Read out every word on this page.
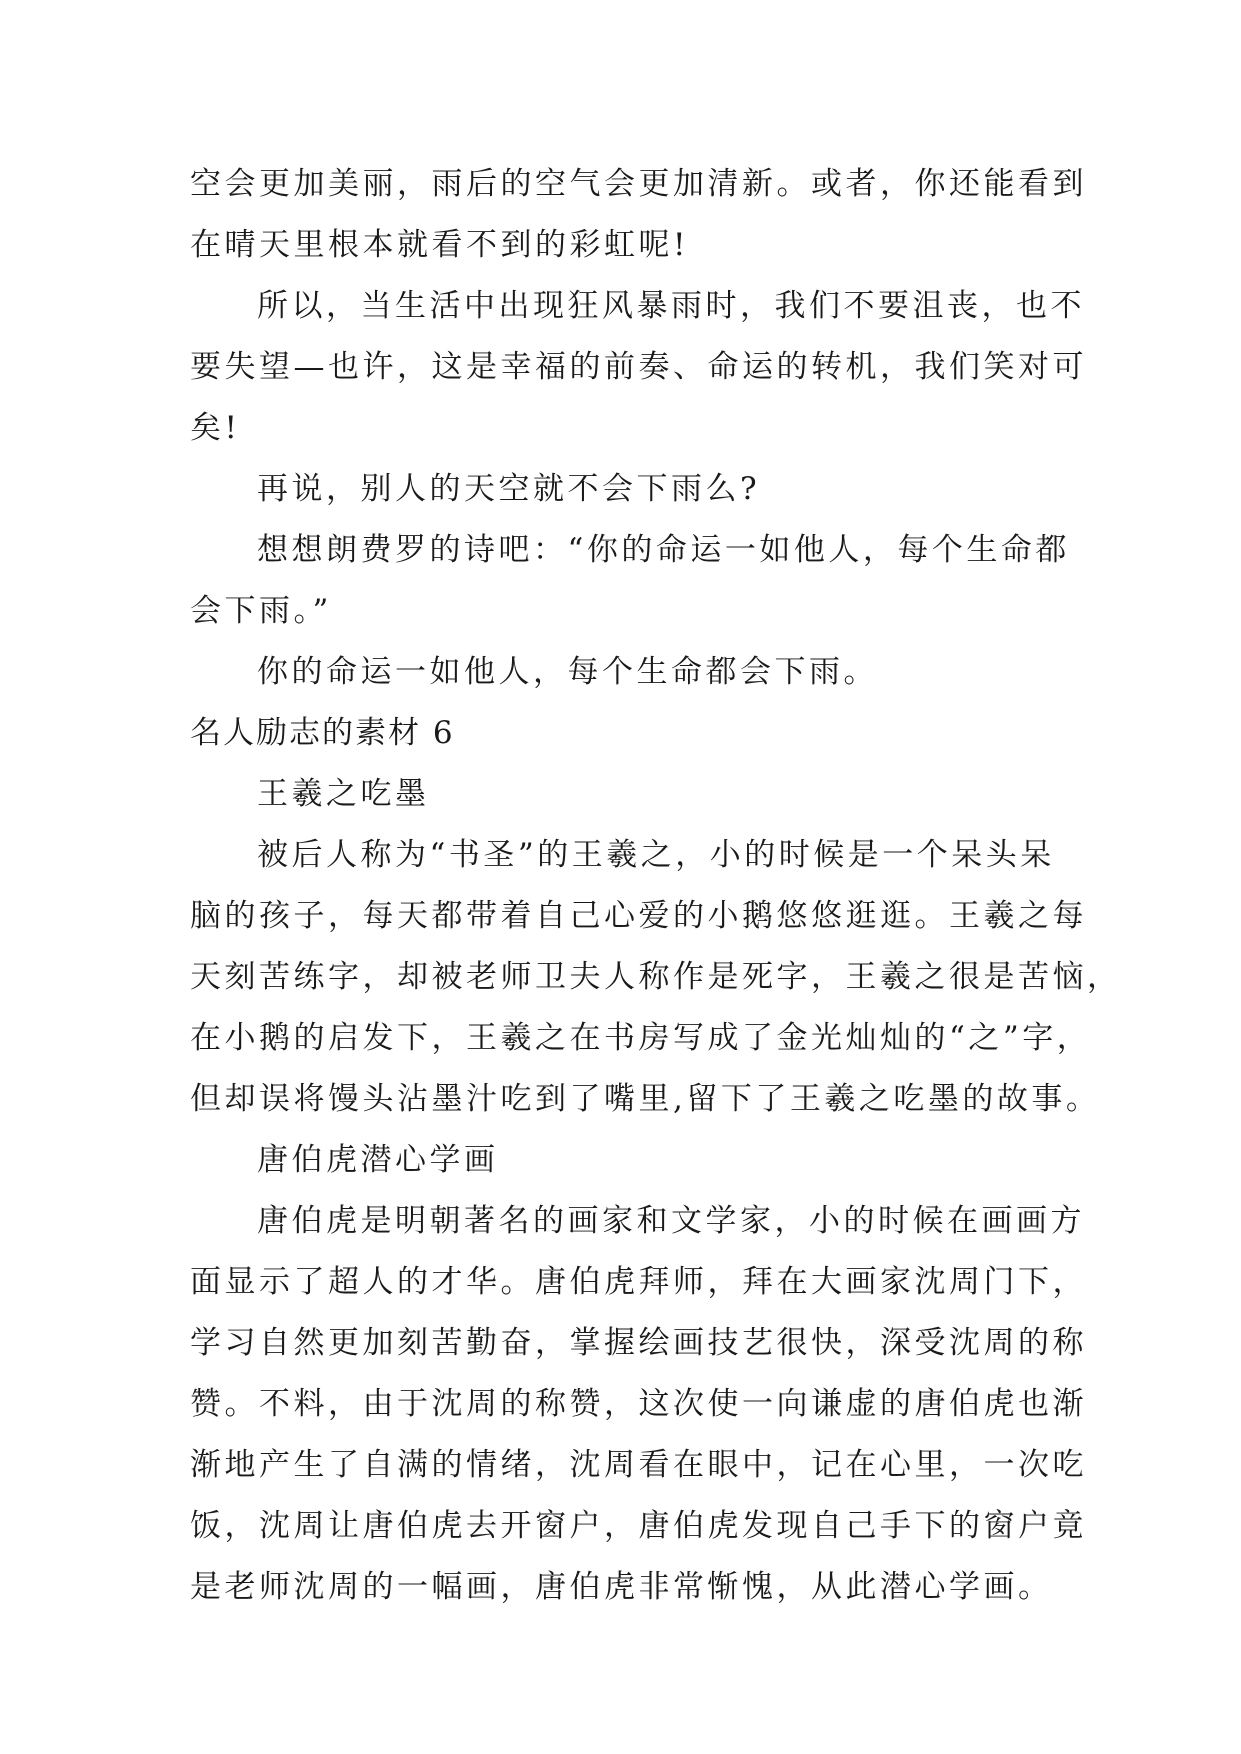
空会更加美丽，雨后的空气会更加清新。或者，你还能看到
在晴天里根本就看不到的彩虹呢!
所以，当生活中出现狂风暴雨时，我们不要沮丧，也不
要失望—也许，这是幸福的前奏、命运的转机，我们笑对可
矣!
再说，别人的天空就不会下雨么?
想想朗费罗的诗吧：“你的命运一如他人，每个生命都
会下雨。”
你的命运一如他人，每个生命都会下雨。
名人励志的素材 6
王羲之吃墨
被后人称为“书圣”的王羲之，小的时候是一个呆头呆
脑的孩子，每天都带着自己心爱的小鹅悠悠逛逛。王羲之每
天刻苦练字，却被老师卫夫人称作是死字，王羲之很是苦恼，
在小鹅的启发下，王羲之在书房写成了金光灿灿的“之”字，
但却误将馒头沾墨汁吃到了嘴里,留下了王羲之吃墨的故事。
唐伯虎潜心学画
唐伯虎是明朝著名的画家和文学家，小的时候在画画方
面显示了超人的才华。唐伯虎拜师，拜在大画家沈周门下，
学习自然更加刻苦勤奋，掌握绘画技艺很快，深受沈周的称
赞。不料，由于沈周的称赞，这次使一向谦虚的唐伯虎也渐
渐地产生了自满的情绪，沈周看在眼中，记在心里，一次吃
饭，沈周让唐伯虎去开窗户，唐伯虎发现自己手下的窗户竟
是老师沈周的一幅画，唐伯虎非常惭愧，从此潜心学画。
